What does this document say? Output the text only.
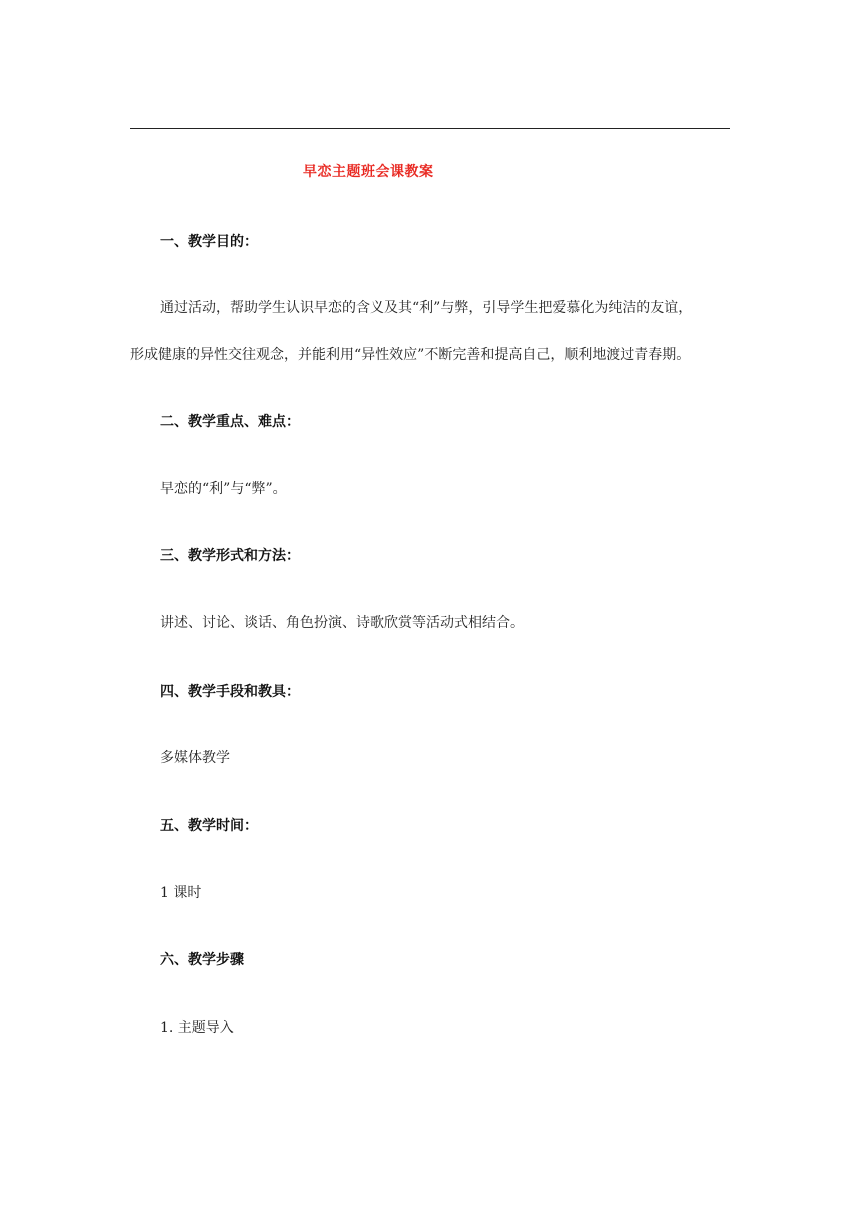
早恋主题班会课教案
一、教学目的：
通过活动，帮助学生认识早恋的含义及其“利”与弊，引导学生把爱慕化为纯洁的友谊，
形成健康的异性交往观念，并能利用“异性效应”不断完善和提高自己，顺利地渡过青春期。
二、教学重点、难点：
早恋的“利”与“弊”。
三、教学形式和方法：
讲述、讨论、谈话、角色扮演、诗歌欣赏等活动式相结合。
四、教学手段和教具：
多媒体教学
五、教学时间：
1 课时
六、教学步骤
1. 主题导入
